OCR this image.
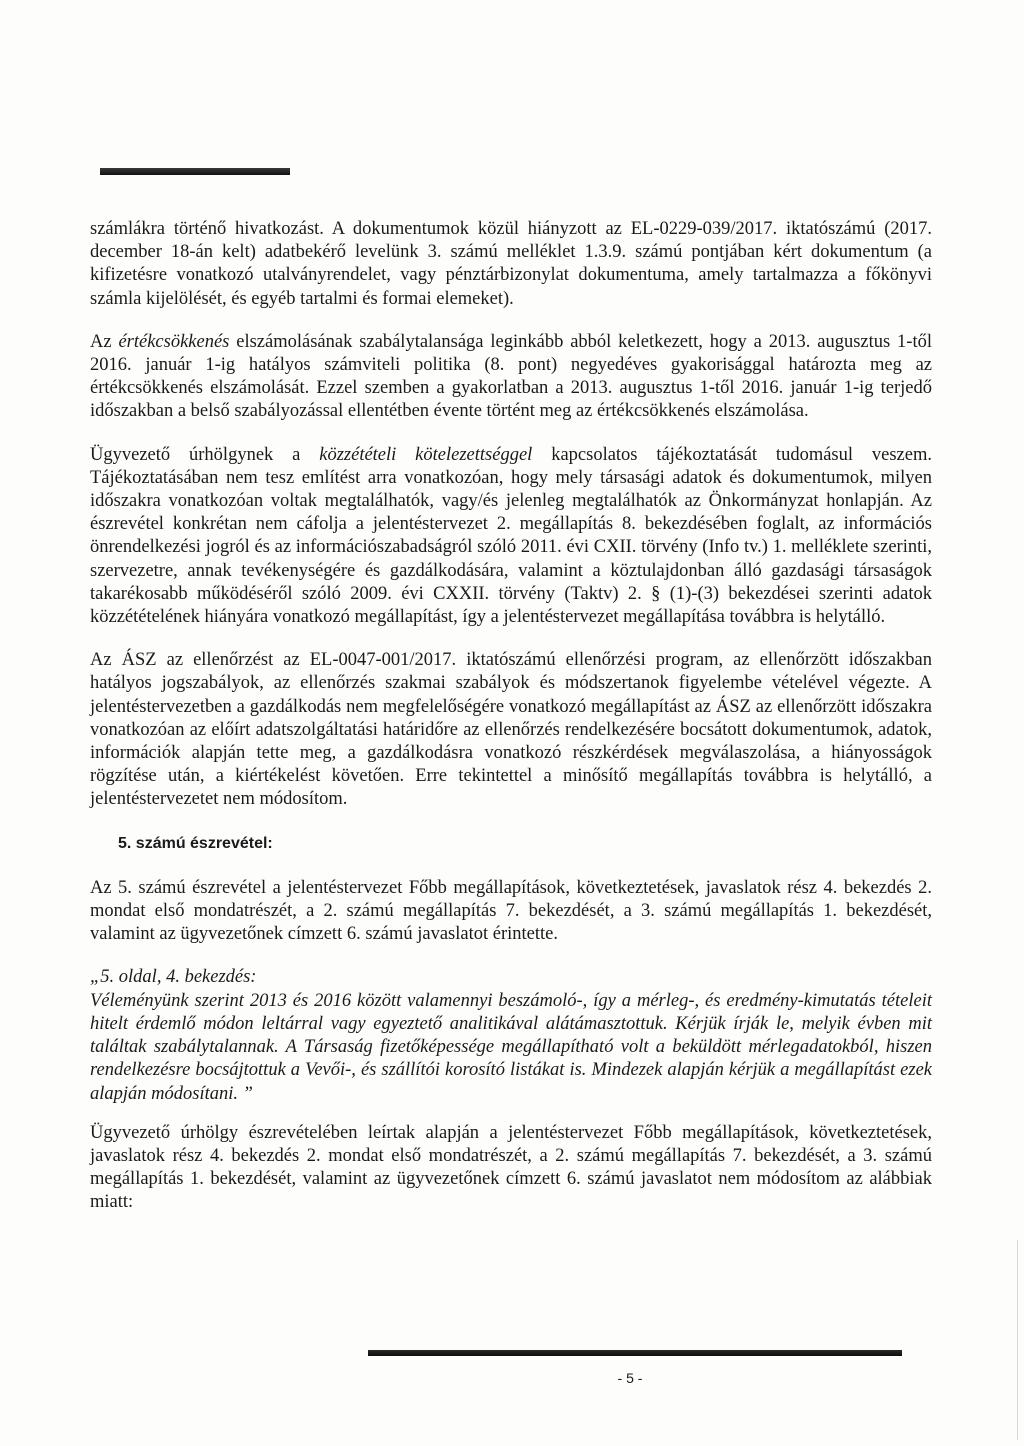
számlákra történő hivatkozást. A dokumentumok közül hiányzott az EL-0229-039/2017. iktatószámú (2017. december 18-án kelt) adatbekérő levelünk 3. számú melléklet 1.3.9. számú pontjában kért dokumentum (a kifizetésre vonatkozó utalványrendelet, vagy pénztárbizonylat dokumentuma, amely tartalmazza a főkönyvi számla kijelölését, és egyéb tartalmi és formai elemeket).

Az értékcsökkenés elszámolásának szabálytalansága leginkább abból keletkezett, hogy a 2013. augusztus 1-től 2016. január 1-ig hatályos számviteli politika (8. pont) negyedéves gyakorisággal határozta meg az értékcsökkenés elszámolását. Ezzel szemben a gyakorlatban a 2013. augusztus 1-től 2016. január 1-ig terjedő időszakban a belső szabályozással ellentétben évente történt meg az értékcsökkenés elszámolása.

Ügyvezető úrhölgynek a közzétételi kötelezettséggel kapcsolatos tájékoztatását tudomásul veszem. Tájékoztatásában nem tesz említést arra vonatkozóan, hogy mely társasági adatok és dokumentumok, milyen időszakra vonatkozóan voltak megtalálhatók, vagy/és jelenleg megtalálhatók az Önkormányzat honlapján. Az észrevétel konkrétan nem cáfolja a jelentéstervezet 2. megállapítás 8. bekezdésében foglalt, az információs önrendelkezési jogról és az információszabadságról szóló 2011. évi CXII. törvény (Info tv.) 1. melléklete szerinti, szervezetre, annak tevékenységére és gazdálkodására, valamint a köztulajdonban álló gazdasági társaságok takarékosabb működéséről szóló 2009. évi CXXII. törvény (Taktv) 2. § (1)-(3) bekezdései szerinti adatok közzétételének hiányára vonatkozó megállapítást, így a jelentéstervezet megállapítása továbbra is helytálló.

Az ÁSZ az ellenőrzést az EL-0047-001/2017. iktatószámú ellenőrzési program, az ellenőrzött időszakban hatályos jogszabályok, az ellenőrzés szakmai szabályok és módszertanok figyelembe vételével végezte. A jelentéstervezetben a gazdálkodás nem megfelelőségére vonatkozó megállapítást az ÁSZ az ellenőrzött időszakra vonatkozóan az előírt adatszolgáltatási határidőre az ellenőrzés rendelkezésére bocsátott dokumentumok, adatok, információk alapján tette meg, a gazdálkodásra vonatkozó részkérdések megválaszolása, a hiányosságok rögzítése után, a kiértékelést követően. Erre tekintettel a minősítő megállapítás továbbra is helytálló, a jelentéstervezetet nem módosítom.

5. számú észrevétel:

Az 5. számú észrevétel a jelentéstervezet Főbb megállapítások, következtetések, javaslatok rész 4. bekezdés 2. mondat első mondatrészét, a 2. számú megállapítás 7. bekezdését, a 3. számú megállapítás 1. bekezdését, valamint az ügyvezetőnek címzett 6. számú javaslatot érintette.

„5. oldal, 4. bekezdés:
Véleményünk szerint 2013 és 2016 között valamennyi beszámoló-, így a mérleg-, és eredmény-kimutatás tételeit hitelt érdemlő módon leltárral vagy egyeztető analitikával alátámasztottuk. Kérjük írják le, melyik évben mit találtak szabálytalannak. A Társaság fizetőképessége megállapítható volt a beküldött mérlegadatokból, hiszen rendelkezésre bocsájtottuk a Vevői-, és szállítói korosító listákat is. Mindezek alapján kérjük a megállapítást ezek alapján módosítani. ”

Ügyvezető úrhölgy észrevételében leírtak alapján a jelentéstervezet Főbb megállapítások, következtetések, javaslatok rész 4. bekezdés 2. mondat első mondatrészét, a 2. számú megállapítás 7. bekezdését, a 3. számú megállapítás 1. bekezdését, valamint az ügyvezetőnek címzett 6. számú javaslatot nem módosítom az alábbiak miatt:

- 5 -
